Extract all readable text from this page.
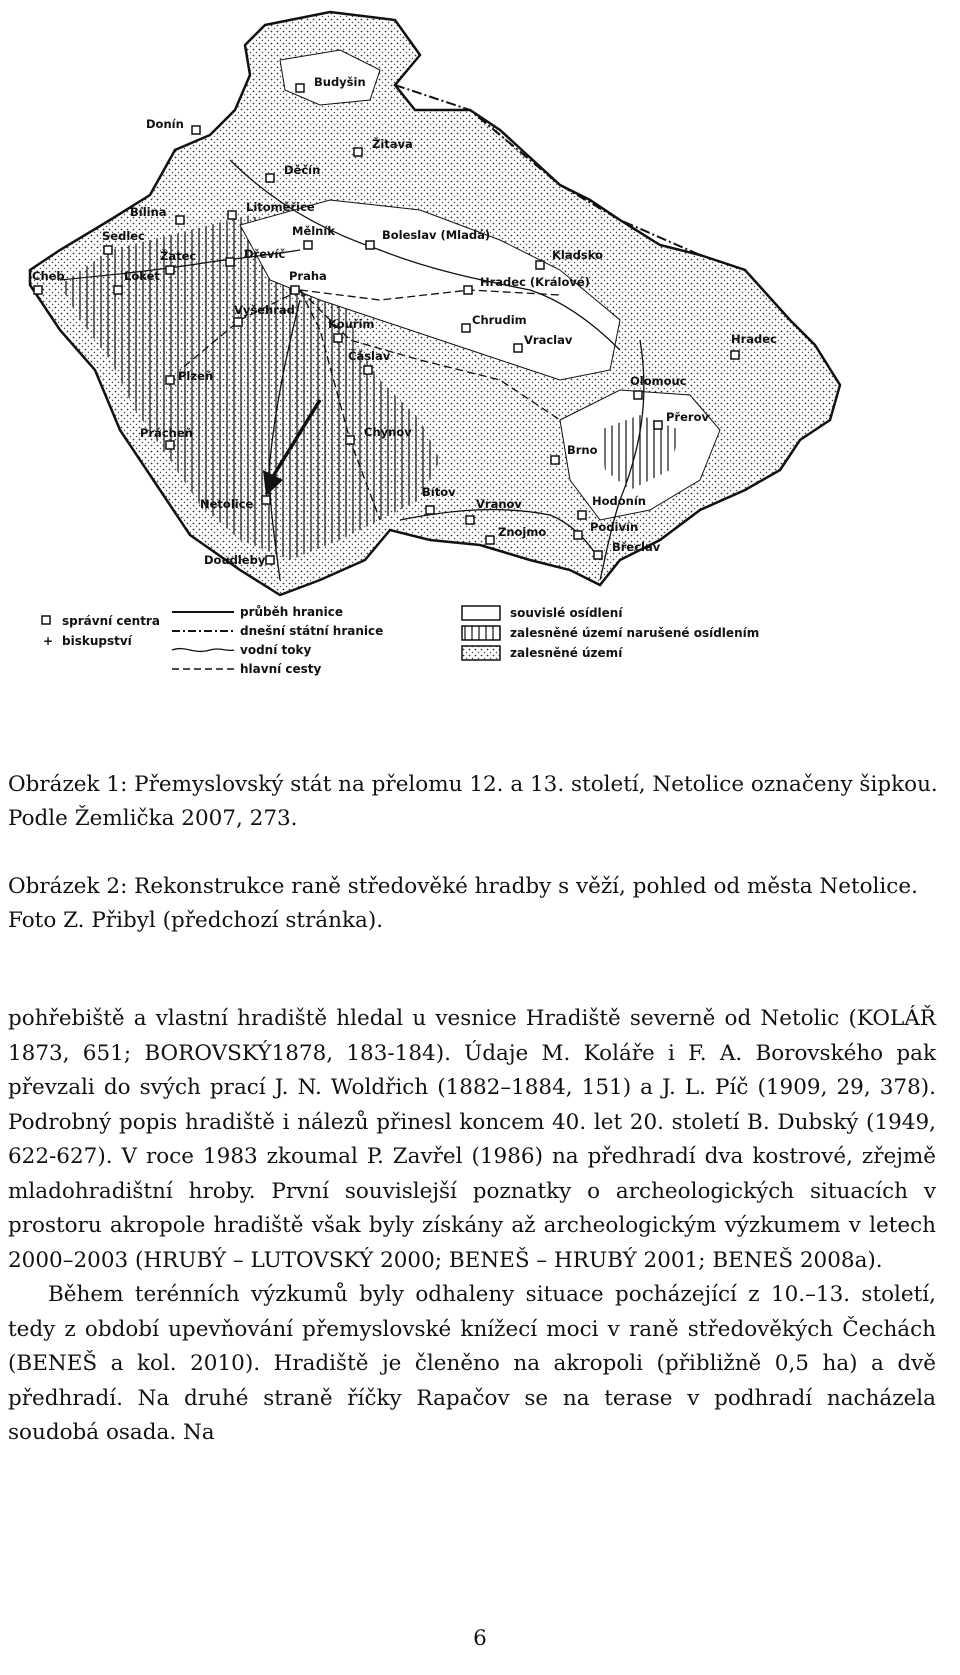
Budyšin
Donín
Žitava
Děčín
Bílina	Litoměřice
Sedlec	Mělník	Boleslav (Mladá)
Dřevíč	Kladsko
Žatec
Cheb	Loket	Praha	Hradec (Králové)
Vyšehrad
Kouřim	Chrudim
Čáslav
Vraclav	Hradec
Plzeň	Olomouc
Přerov
Prácheň	Chýnov
Brno
Netolice
Bítov
Vranov	Hodonín
Znojmo	Podivín
Doudleby
Břeclav
správní centra
+ biskupství
průběh hranice
dnešní státní hranice
vodní toky
hlavní cesty
souvislé osídlení
zalesněné území narušené osídlením
zalesněné území
Obrázek 1: Přemyslovský stát na přelomu 12. a 13. století, Netolice označeny šipkou. Podle Žemlička 2007, 273.
Obrázek 2: Rekonstrukce raně středověké hradby s věží, pohled od města Netolice. Foto Z. Přibyl (předchozí stránka).

pohřebiště a vlastní hradiště hledal u vesnice Hradiště severně od Netolic (KOLÁŘ 1873, 651; BOROVSKÝ1878, 183-184). Údaje M. Koláře i F. A. Borovského pak převzali do svých prací J. N. Woldřich (1882–1884, 151) a J. L. Píč (1909, 29, 378). Podrobný popis hradiště i nálezů přinesl koncem 40. let 20. století B. Dubský (1949, 622-627). V roce 1983 zkoumal P. Zavřel (1986) na předhradí dva kostrové, zřejmě mladohradištní hroby. První souvislejší poznatky o archeologických situacích v prostoru akropole hradiště však byly získány až archeologickým výzkumem v letech 2000–2003 (HRUBÝ – LUTOVSKÝ 2000; BENEŠ – HRUBÝ 2001; BENEŠ 2008a).

Během terénních výzkumů byly odhaleny situace pocházející z 10.–13. století, tedy z období upevňování přemyslovské knížecí moci v raně středověkých Čechách (BENEŠ a kol. 2010). Hradiště je členěno na akropoli (přibližně 0,5 ha) a dvě předhradí. Na druhé straně říčky Rapačov se na terase v podhradí nacházela soudobá osada. Na

6
